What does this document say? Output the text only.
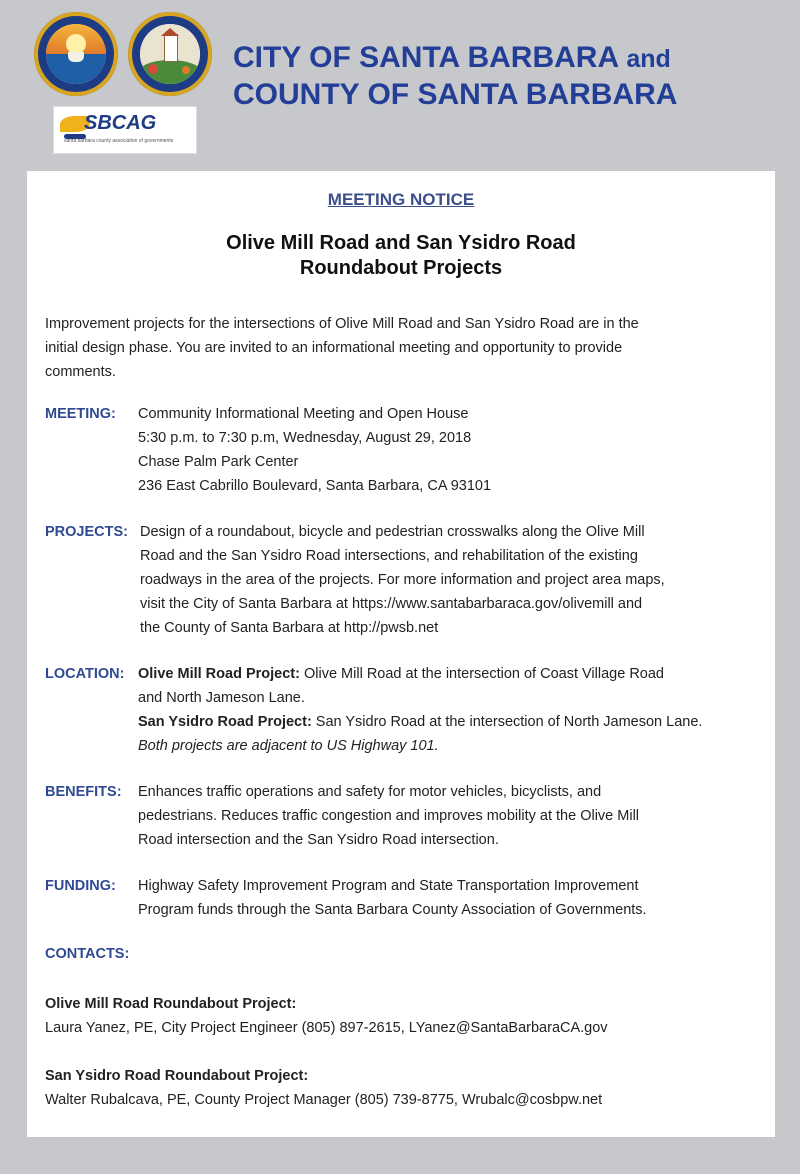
SBCAG
santa barbara county association of governments
CITY OF SANTA BARBARA and
COUNTY OF SANTA BARBARA
MEETING NOTICE
Olive Mill Road and San Ysidro Road
Roundabout Projects
Improvement projects for the intersections of Olive Mill Road and San Ysidro Road are in the
initial design phase. You are invited to an informational meeting and opportunity to provide
comments.
MEETING: Community Informational Meeting and Open House
5:30 p.m. to 7:30 p.m, Wednesday, August 29, 2018
Chase Palm Park Center
236 East Cabrillo Boulevard, Santa Barbara, CA 93101
PROJECTS: Design of a roundabout, bicycle and pedestrian crosswalks along the Olive Mill
Road and the San Ysidro Road intersections, and rehabilitation of the existing
roadways in the area of the projects. For more information and project area maps,
visit the City of Santa Barbara at https://www.santabarbaraca.gov/olivemill and
the County of Santa Barbara at http://pwsb.net
LOCATION: Olive Mill Road Project: Olive Mill Road at the intersection of Coast Village Road
and North Jameson Lane.
San Ysidro Road Project: San Ysidro Road at the intersection of North Jameson Lane.
Both projects are adjacent to US Highway 101.
BENEFITS: Enhances traffic operations and safety for motor vehicles, bicyclists, and
pedestrians. Reduces traffic congestion and improves mobility at the Olive Mill
Road intersection and the San Ysidro Road intersection.
FUNDING: Highway Safety Improvement Program and State Transportation Improvement
Program funds through the Santa Barbara County Association of Governments.
CONTACTS:
Olive Mill Road Roundabout Project:
Laura Yanez, PE, City Project Engineer (805) 897-2615, LYanez@SantaBarbaraCA.gov
San Ysidro Road Roundabout Project:
Walter Rubalcava, PE, County Project Manager (805) 739-8775, Wrubalc@cosbpw.net
